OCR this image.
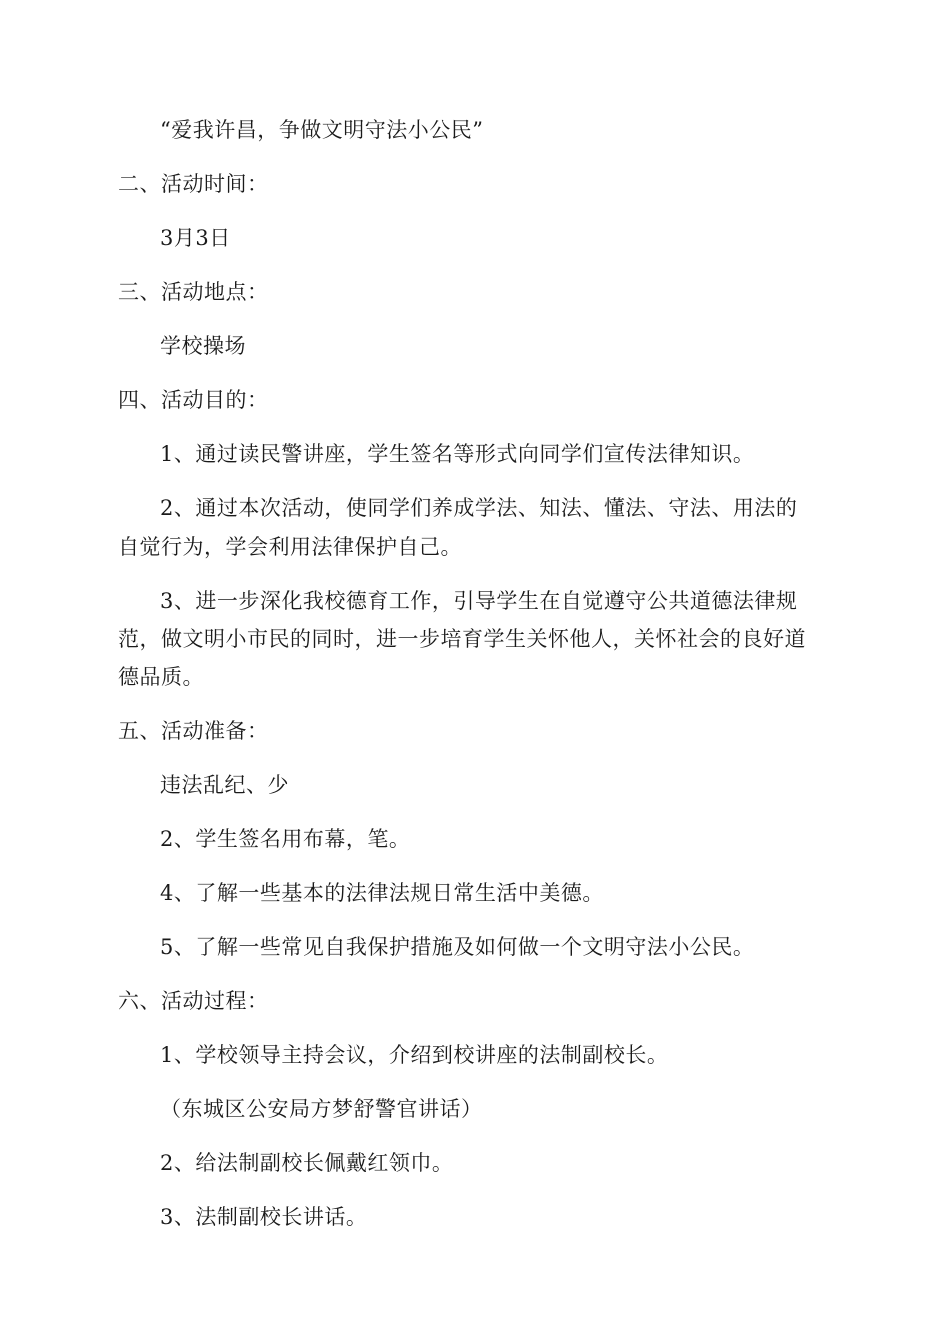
“爱我许昌，争做文明守法小公民”
二、活动时间：
3月3日
三、活动地点：
学校操场
四、活动目的：
1、通过读民警讲座，学生签名等形式向同学们宣传法律知识。
2、通过本次活动，使同学们养成学法、知法、懂法、守法、用法的
自觉行为，学会利用法律保护自己。
3、进一步深化我校德育工作，引导学生在自觉遵守公共道德法律规
范，做文明小市民的同时，进一步培育学生关怀他人，关怀社会的良好道
德品质。
五、活动准备：
违法乱纪、少
2、学生签名用布幕，笔。
4、了解一些基本的法律法规日常生活中美德。
5、了解一些常见自我保护措施及如何做一个文明守法小公民。
六、活动过程：
1、学校领导主持会议，介绍到校讲座的法制副校长。
（东城区公安局方梦舒警官讲话）
2、给法制副校长佩戴红领巾。
3、法制副校长讲话。
